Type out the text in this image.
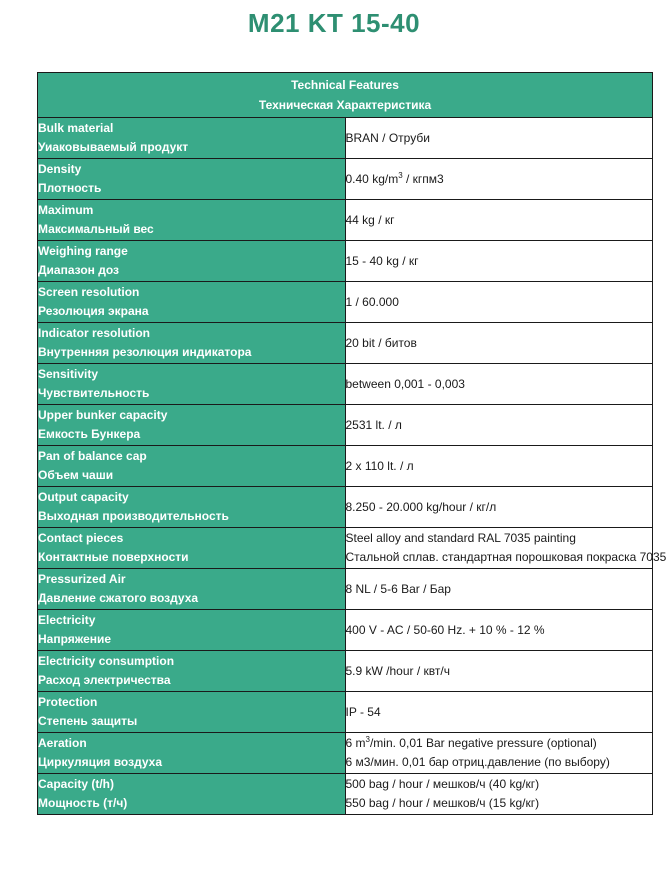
M21 KT 15-40
Technical Features
Техническая Характеристика	

Bulk material
Уиаковываемый продукт	BRAN / Отруби

Density
Плотность	0.40 $kg/m^3$ / кгпм3

Maximum
Максимальный вес	44 kg / кг

Weighing range
Диапазон доз	15 - 40 kg / кг

Screen resolution
Резолюция экрана	1 / 60.000

Indicator resolution
Внутренняя резолюция индикатора	20 bit / битов

Sensitivity
Чувствительность	between 0,001 - 0,003

Upper bunker capacity
Емкость Бункера	2531 lt. / л

Pan of balance cap
Объем чаши	2 x 110 lt. / л

Output capacity
Выходная производительность	8.250 - 20.000 kg/hour / кг/л

Contact pieces
Контактные поверхности	Steel alloy and standard RAL 7035 painting
Стальной сплав. стандартная порошковая покраска 7035

Pressurized Air
Давление сжатого воздуха	8 NL / 5-6 Bar / Бар

Electricity
Напряжение	400 V - AC / 50-60 Hz. + 10 % - 12 %

Electricity consumption
Расход электричества	5.9 kW /hour / квт/ч

Protection
Степень защиты	IP - 54

Aeration
Циркуляция воздуха	6 $m^3/\min$. 0,01 Bar negative pressure (optional)
6 м3/мин. 0,01 бар отриц.давление (по выбору)

Capacity (t/h)
Мощность (т/ч)	500 bag / hour / мешков/ч (40 kg/кг)
550 bag / hour / мешков/ч (15 kg/кг)
